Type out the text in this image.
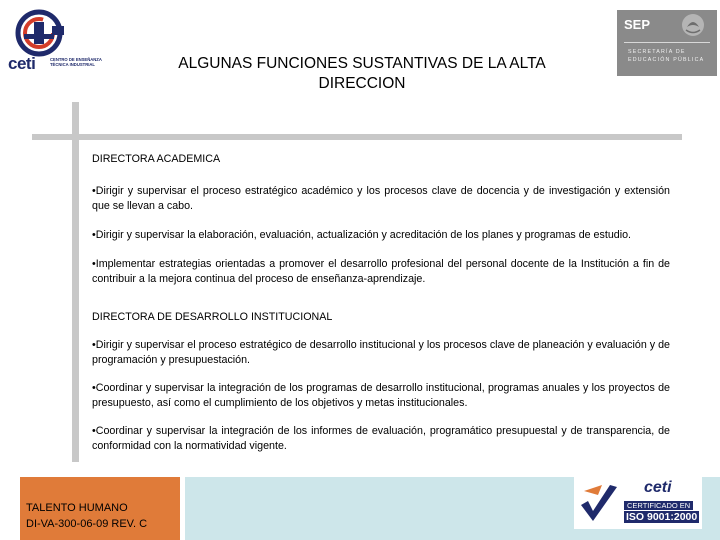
ceti	CENTRO DE ENSEÑANZA TÉCNICA INDUSTRIAL
SEP
SECRETARÍA DE EDUCACIÓN PÚBLICA
ALGUNAS FUNCIONES SUSTANTIVAS DE LA ALTA
DIRECCION

DIRECTORA ACADEMICA

•Dirigir y supervisar el proceso estratégico académico y los procesos clave de docencia y de investigación y extensión que se llevan a cabo.

•Dirigir y supervisar la elaboración, evaluación, actualización y acreditación de los planes y programas de estudio.

•Implementar estrategias orientadas a promover el desarrollo profesional del personal docente de la Institución a fin de contribuir a la mejora continua del proceso de enseñanza-aprendizaje.

DIRECTORA DE DESARROLLO INSTITUCIONAL

•Dirigir y supervisar el proceso estratégico de desarrollo institucional y los procesos clave de planeación y evaluación y de programación y presupuestación.

•Coordinar y supervisar la integración de los programas de desarrollo institucional, programas anuales y los proyectos de presupuesto, así como el cumplimiento de los objetivos y metas institucionales.

•Coordinar y supervisar la integración de los informes de evaluación, programático presupuestal y de transparencia, de conformidad con la normatividad vigente.

TALENTO HUMANO
DI-VA-300-06-09 REV. C
ceti
CERTIFICADO EN
ISO 9001:2000
